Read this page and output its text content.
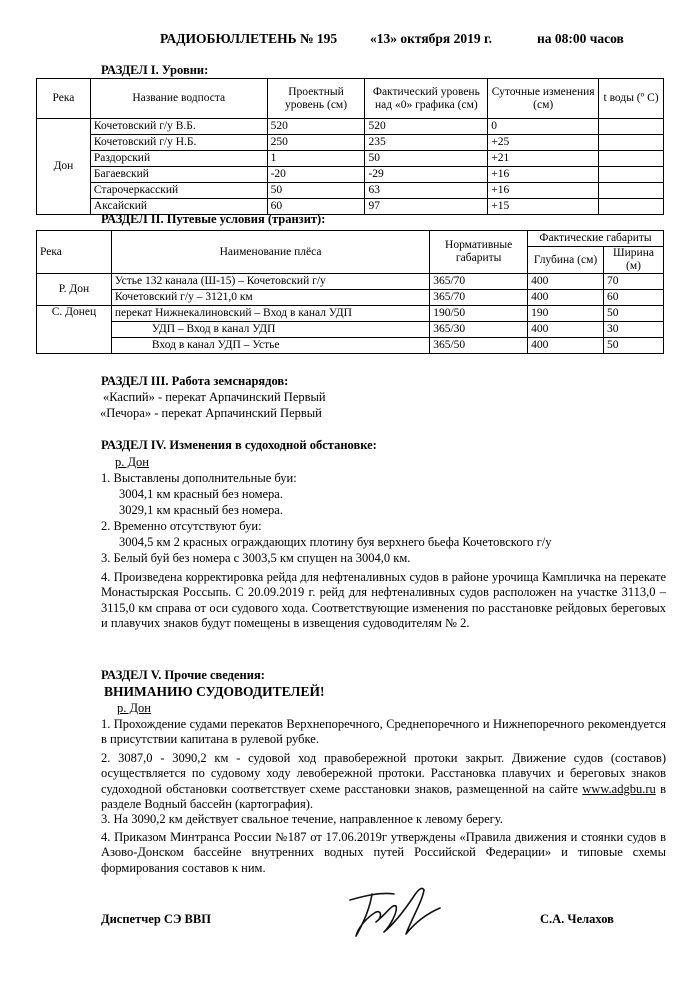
РАДИОБЮЛЛЕТЕНЬ № 195 «13» октября 2019 г.	на 08:00 часов
РАЗДЕЛ I. Уровни:
Река	Название водпоста	Проектный уровень (см)	Фактический уровень над «0» графика (см)	Суточные изменения (см)	t воды (º С)
Дон	Кочетовский г/у В.Б.	520	520	0	
	Кочетовский г/у Н.Б.	250	235	+25	
	Раздорский	1	50	+21	
	Багаевский	-20	-29	+16	
	Старочеркасский	50	63	+16	
	Аксайский	60	97	+15	
РАЗДЕЛ II. Путевые условия (транзит):
Река	Наименование плёса	Нормативные габариты	Фактические габариты	
			Глубина (см)	Ширина (м)
Р. Дон	Устье 132 канала (Ш-15) – Кочетовский г/у	365/70	400	70
	Кочетовский г/у – 3121,0 км	365/70	400	60
С. Донец	перекат Нижнекалиновский – Вход в канал УДП	190/50	190	50
	УДП – Вход в канал УДП	365/30	400	30
	Вход в канал УДП – Устье	365/50	400	50
РАЗДЕЛ III. Работа земснарядов:
«Каспий» - перекат Арпачинский Первый
«Печора» - перекат Арпачинский Первый
РАЗДЕЛ IV. Изменения в судоходной обстановке:
р. Дон
1. Выставлены дополнительные буи:
3004,1 км красный без номера.
3029,1 км красный без номера.
2. Временно отсутствуют буи:
3004,5 км 2 красных ограждающих плотину буя верхнего бьефа Кочетовского г/у
3. Белый буй без номера с 3003,5 км спущен на 3004,0 км.
4. Произведена корректировка рейда для нефтеналивных судов в районе урочища Кампличка на перекате Монастырская Россыпь. С 20.09.2019 г. рейд для нефтеналивных судов расположен на участке 3113,0 – 3115,0 км справа от оси судового хода. Соответствующие изменения по расстановке рейдовых береговых и плавучих знаков будут помещены в извещения судоводителям № 2.
РАЗДЕЛ V. Прочие сведения:
ВНИМАНИЮ СУДОВОДИТЕЛЕЙ!
р. Дон
1. Прохождение судами перекатов Верхнепоречного, Среднепоречного и Нижнепоречного рекомендуется в присутствии капитана в рулевой рубке.
2. 3087,0 - 3090,2 км - судовой ход правобережной протоки закрыт. Движение судов (составов) осуществляется по судовому ходу левобережной протоки. Расстановка плавучих и береговых знаков судоходной обстановки соответствует схеме расстановки знаков, размещенной на сайте www.adgbu.ru в разделе Водный бассейн (картография).
3. На 3090,2 км действует свальное течение, направленное к левому берегу.
4. Приказом Минтранса России №187 от 17.06.2019г утверждены «Правила движения и стоянки судов в Азово-Донском бассейне внутренних водных путей Российской Федерации» и типовые схемы формирования составов к ним.
Диспетчер СЭ ВВП	С.А. Челахов
